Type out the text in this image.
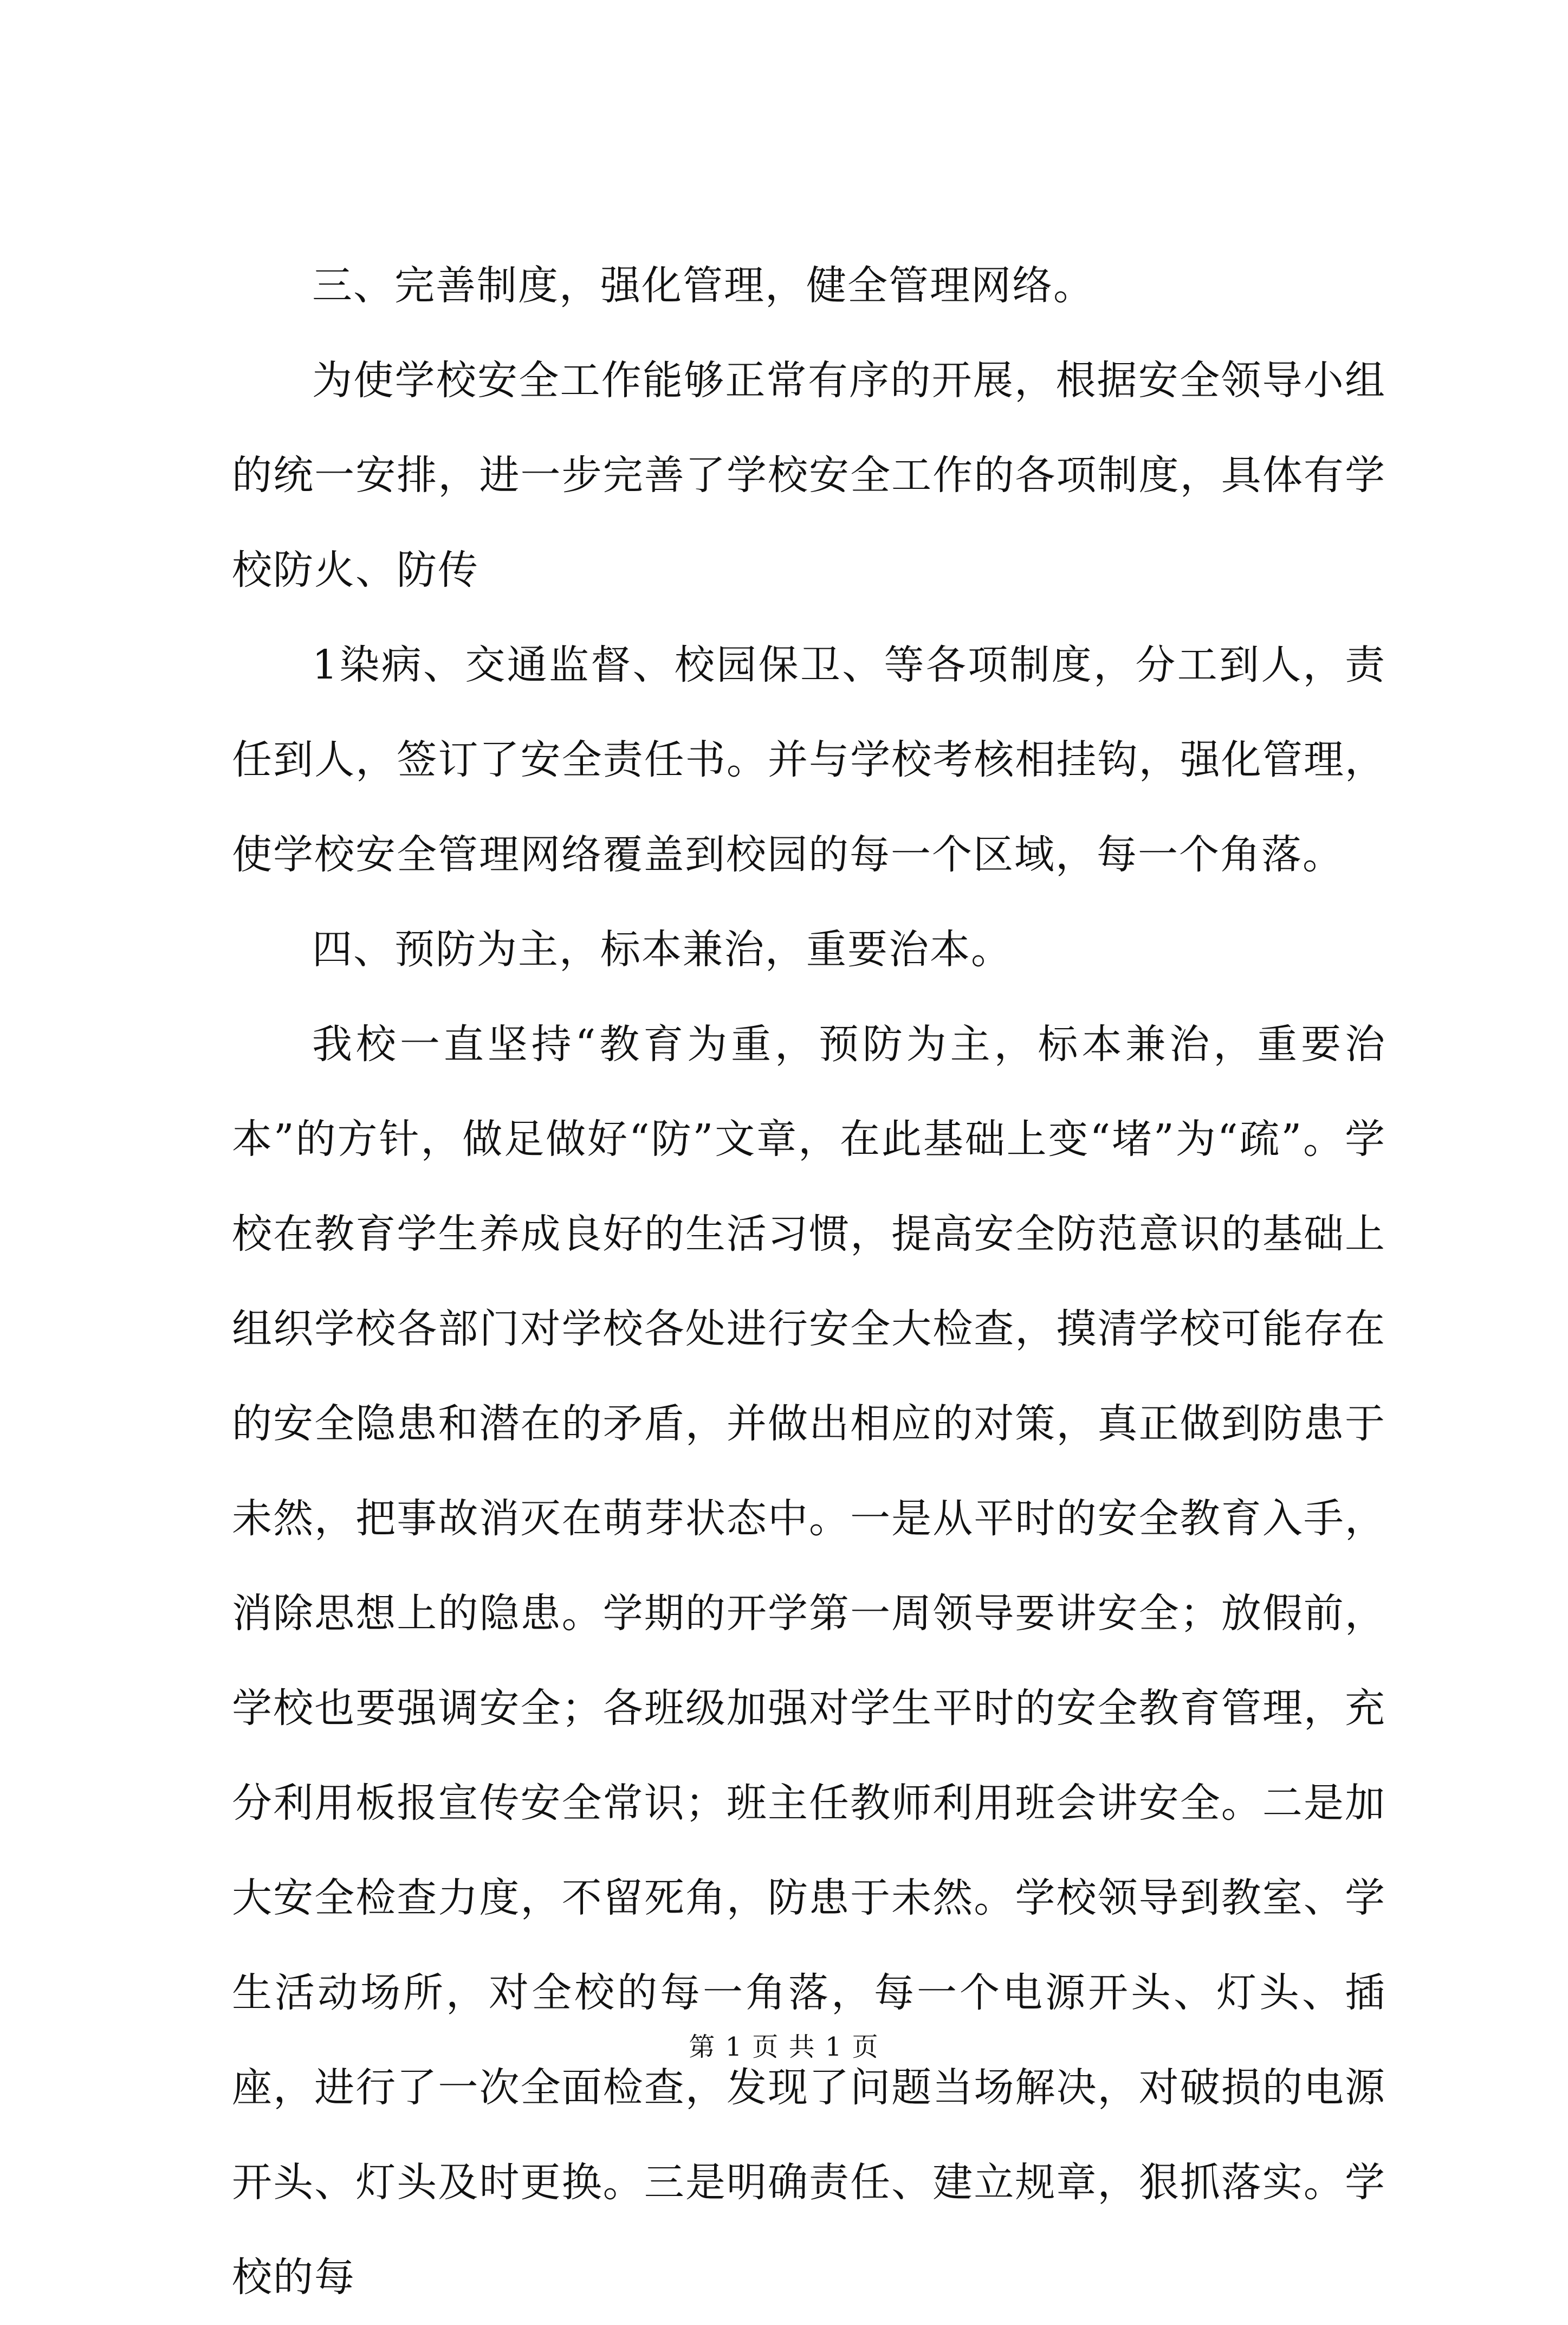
三、完善制度，强化管理，健全管理网络。

为使学校安全工作能够正常有序的开展，根据安全领导小组的统一安排，进一步完善了学校安全工作的各项制度，具体有学校防火、防传

1染病、交通监督、校园保卫、等各项制度，分工到人，责任到人，签订了安全责任书。并与学校考核相挂钩，强化管理，使学校安全管理网络覆盖到校园的每一个区域，每一个角落。

四、预防为主，标本兼治，重要治本。

我校一直坚持“教育为重，预防为主，标本兼治，重要治本”的方针，做足做好“防”文章，在此基础上变“堵”为“疏”。学校在教育学生养成良好的生活习惯，提高安全防范意识的基础上组织学校各部门对学校各处进行安全大检查，摸清学校可能存在的安全隐患和潜在的矛盾，并做出相应的对策，真正做到防患于未然，把事故消灭在萌芽状态中。一是从平时的安全教育入手，消除思想上的隐患。学期的开学第一周领导要讲安全；放假前，学校也要强调安全；各班级加强对学生平时的安全教育管理，充分利用板报宣传安全常识；班主任教师利用班会讲安全。二是加大安全检查力度，不留死角，防患于未然。学校领导到教室、学生活动场所，对全校的每一角落，每一个电源开头、灯头、插座，进行了一次全面检查，发现了问题当场解决，对破损的电源开头、灯头及时更换。三是明确责任、建立规章，狠抓落实。学校的每

第 1 页 共 1 页
